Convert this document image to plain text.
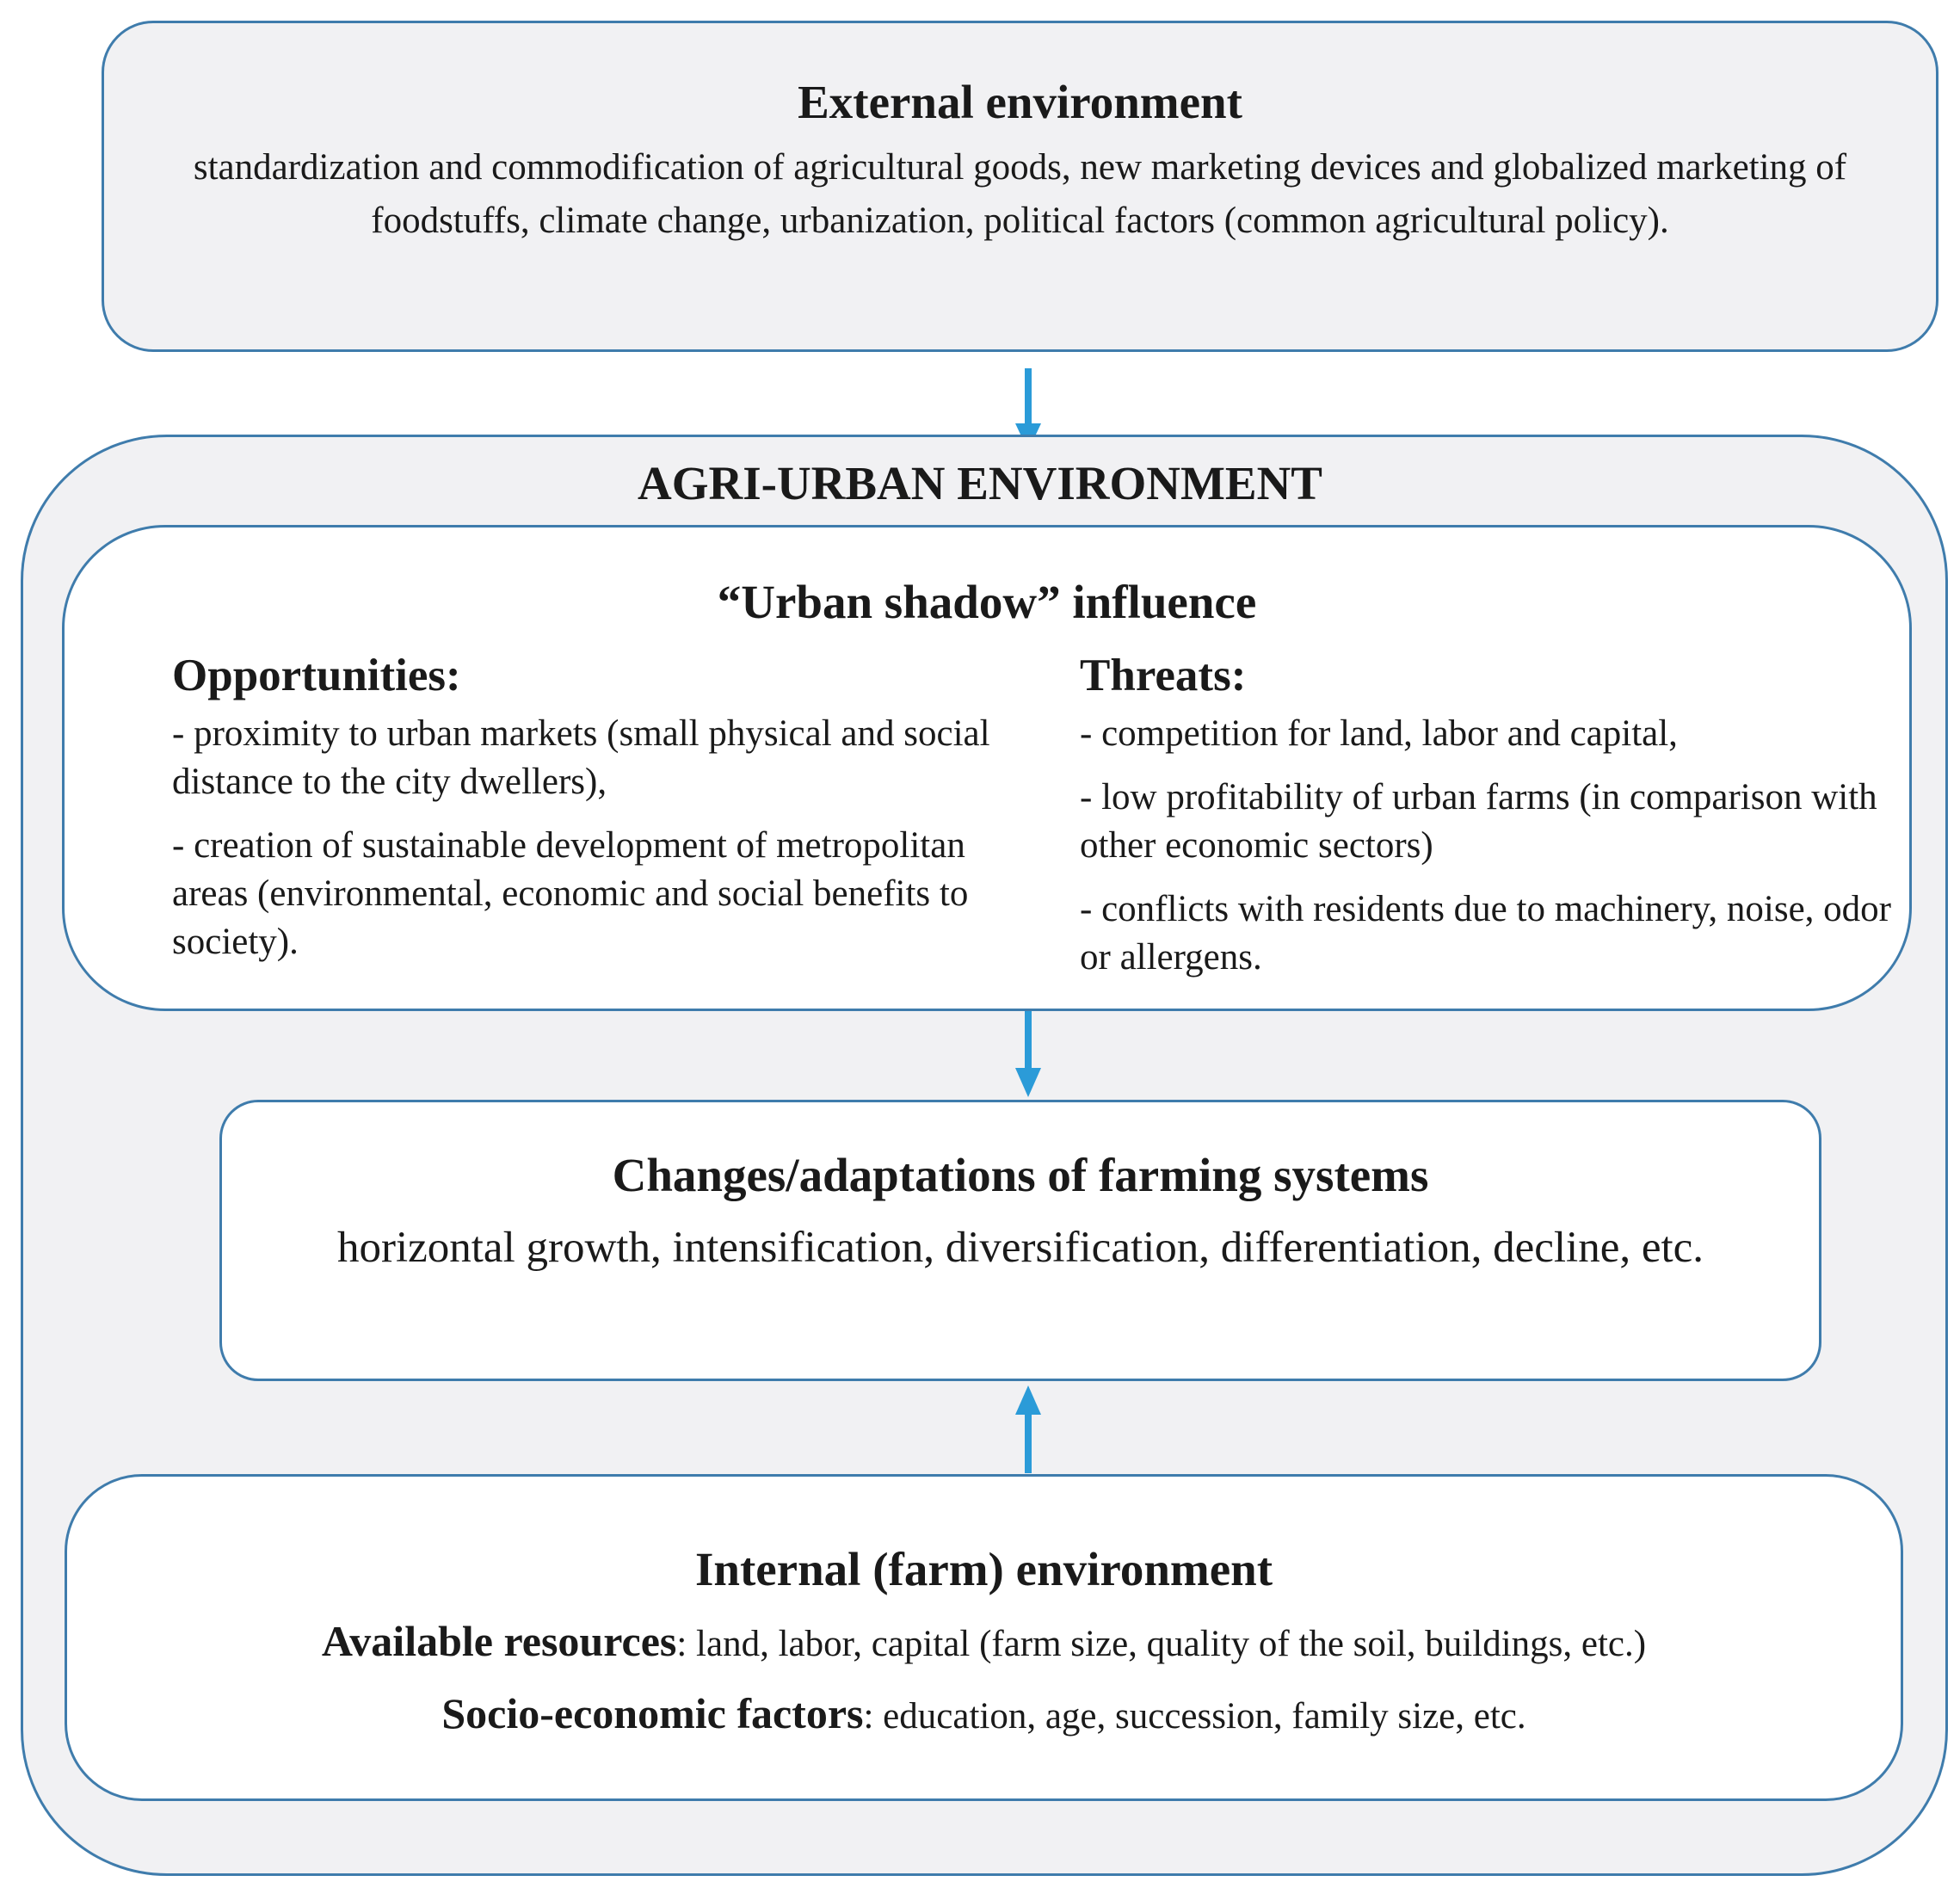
External environment
standardization and commodification of agricultural goods, new marketing devices and globalized marketing of foodstuffs, climate change, urbanization, political factors (common agricultural policy).
AGRI-URBAN ENVIRONMENT
“Urban shadow” influence
Opportunities:
- proximity to urban markets (small physical and social distance to the city dwellers),
- creation of sustainable development of metropolitan areas (environmental, economic and social benefits to society).
Threats:
- competition for land, labor and capital,
- low profitability of urban farms (in comparison with other economic sectors)
- conflicts with residents due to machinery, noise, odor or allergens.
Changes/adaptations of farming systems
horizontal growth, intensification, diversification, differentiation, decline, etc.
Internal (farm) environment
Available resources: land, labor, capital (farm size, quality of the soil, buildings, etc.)
Socio-economic factors: education, age, succession, family size, etc.
